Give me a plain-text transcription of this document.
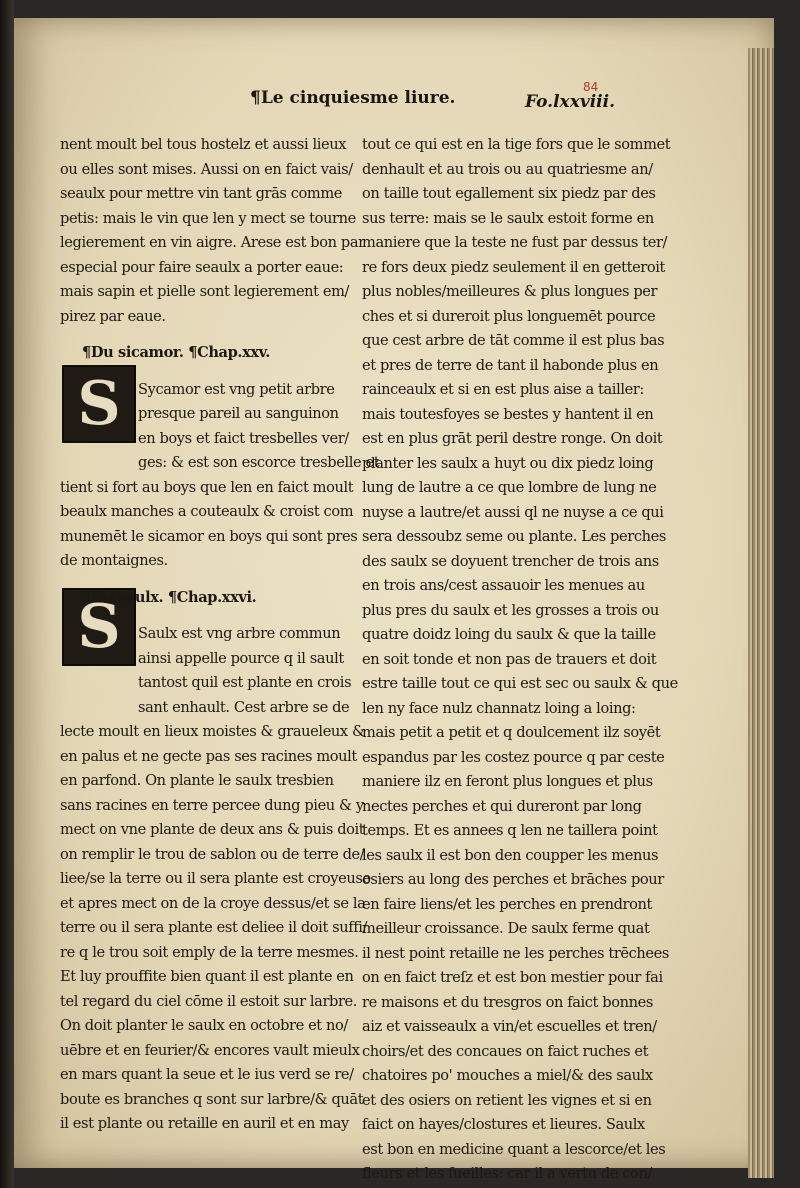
¶Le cinquiesme liure.	Fo.lxxviii.
84
S
S
nent moult bel tous hostelz et aussi lieux
ou elles sont mises. Aussi on en faict vais/
seaulx pour mettre vin tant grās comme
petis: mais le vin que len y mect se tourne
legierement en vin aigre. Arese est bon par
especial pour faire seaulx a porter eaue:
mais sapin et pielle sont legierement em/
pirez par eaue.
¶Du sicamor. ¶Chap.xxv.
Sycamor est vng petit arbre
presque pareil au sanguinon
en boys et faict tresbelles ver/
ges: & est son escorce tresbelle et
tient si fort au boys que len en faict moult
beaulx manches a couteaulx & croist com
munemēt le sicamor en boys qui sont pres
de montaignes.
¶Du saulx. ¶Chap.xxvi.
Saulx est vng arbre commun
ainsi appelle pource q il sault
tantost quil est plante en crois
sant enhault. Cest arbre se de
lecte moult en lieux moistes & graueleux &
en palus et ne gecte pas ses racines moult
en parfond. On plante le saulx tresbien
sans racines en terre percee dung pieu & y
mect on vne plante de deux ans & puis doit
on remplir le trou de sablon ou de terre de/
liee/se la terre ou il sera plante est croyeuse
et apres mect on de la croye dessus/et se la
terre ou il sera plante est deliee il doit suffi/
re q le trou soit emply de la terre mesmes.
Et luy prouffite bien quant il est plante en
tel regard du ciel cōme il estoit sur larbre.
On doit planter le saulx en octobre et no/
uēbre et en feurier/& encores vault mieulx
en mars quant la seue et le ius verd se re/
boute es branches q sont sur larbre/& quāt
il est plante ou retaille en auril et en may
tout ce qui est en la tige fors que le sommet
denhault et au trois ou au quatriesme an/
on taille tout egallement six piedz par des
sus terre: mais se le saulx estoit forme en
maniere que la teste ne fust par dessus ter/
re fors deux piedz seulement il en getteroit
plus nobles/meilleures & plus longues per
ches et si dureroit plus longuemēt pource
que cest arbre de tāt comme il est plus bas
et pres de terre de tant il habonde plus en
rainceaulx et si en est plus aise a tailler:
mais toutesfoyes se bestes y hantent il en
est en plus grāt peril destre ronge. On doit
planter les saulx a huyt ou dix piedz loing
lung de lautre a ce que lombre de lung ne
nuyse a lautre/et aussi ql ne nuyse a ce qui
sera dessoubz seme ou plante. Les perches
des saulx se doyuent trencher de trois ans
en trois ans/cest assauoir les menues au
plus pres du saulx et les grosses a trois ou
quatre doidz loing du saulx & que la taille
en soit tonde et non pas de trauers et doit
estre taille tout ce qui est sec ou saulx & que
len ny face nulz channatz loing a loing:
mais petit a petit et q doulcement ilz soyēt
espandus par les costez pource q par ceste
maniere ilz en feront plus longues et plus
nectes perches et qui dureront par long
temps. Et es annees q len ne taillera point
les saulx il est bon den coupper les menus
osiers au long des perches et brāches pour
en faire liens/et les perches en prendront
meilleur croissance. De saulx ferme quat
il nest point retaille ne les perches trēchees
on en faict treſz et est bon mestier pour fai
re maisons et du tresgros on faict bonnes
aiz et vaisseaulx a vin/et escuelles et tren/
choirs/et des concaues on faict ruches et
chatoires po' mouches a miel/& des saulx
et des osiers on retient les vignes et si en
faict on hayes/clostures et lieures. Saulx
est bon en medicine quant a lescorce/et les
fleurs et les fueilles: car il a vertu de con/
